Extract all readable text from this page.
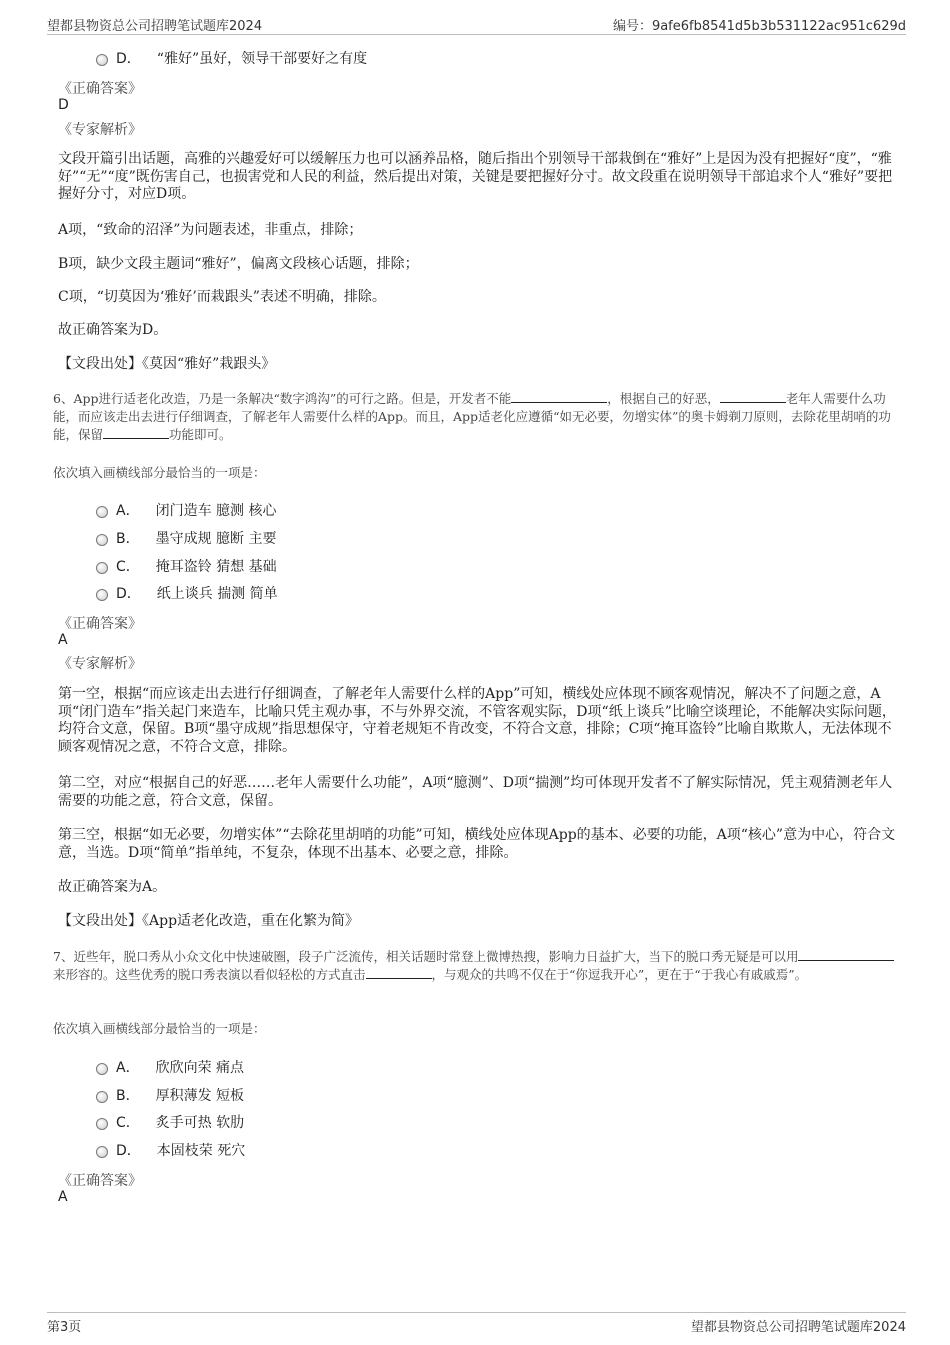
望都县物资总公司招聘笔试题库2024	编号：9afe6fb8541d5b3b531122ac951c629d
D． “雅好”虽好，领导干部要好之有度
《正确答案》
D
《专家解析》
文段开篇引出话题，高雅的兴趣爱好可以缓解压力也可以涵养品格，随后指出个别领导干部栽倒在“雅好”上是因为没有把握好“度”，“雅好”“无”“度”既伤害自己，也损害党和人民的利益，然后提出对策，关键是要把握好分寸。故文段重在说明领导干部追求个人“雅好”要把握好分寸，对应D项。
A项，“致命的沼泽”为问题表述，非重点，排除；
B项，缺少文段主题词“雅好”，偏离文段核心话题，排除；
C项，“切莫因为‘雅好’而栽跟头”表述不明确，排除。
故正确答案为D。
【文段出处】《莫因“雅好”栽跟头》
6、App进行适老化改造，乃是一条解决“数字鸿沟”的可行之路。但是，开发者不能	，根据自己的好恶，	老年人需要什么功能，而应该走出去进行仔细调查，了解老年人需要什么样的App。而且，App适老化应遵循“如无必要，勿增实体”的奥卡姆剃刀原则，去除花里胡哨的功能，保留	功能即可。
依次填入画横线部分最恰当的一项是：
A． 闭门造车 臆测 核心
B． 墨守成规 臆断 主要
C． 掩耳盗铃 猜想 基础
D． 纸上谈兵 揣测 简单
《正确答案》
A
《专家解析》
第一空，根据“而应该走出去进行仔细调查，了解老年人需要什么样的App”可知，横线处应体现不顾客观情况，解决不了问题之意，A项“闭门造车”指关起门来造车，比喻只凭主观办事，不与外界交流，不管客观实际，D项“纸上谈兵”比喻空谈理论，不能解决实际问题，均符合文意，保留。B项“墨守成规”指思想保守，守着老规矩不肯改变，不符合文意，排除；C项“掩耳盗铃”比喻自欺欺人，无法体现不顾客观情况之意，不符合文意，排除。
第二空，对应“根据自己的好恶……老年人需要什么功能”，A项“臆测”、D项“揣测”均可体现开发者不了解实际情况，凭主观猜测老年人需要的功能之意，符合文意，保留。
第三空，根据“如无必要，勿增实体”“去除花里胡哨的功能”可知，横线处应体现App的基本、必要的功能，A项“核心”意为中心，符合文意，当选。D项“简单”指单纯，不复杂，体现不出基本、必要之意，排除。
故正确答案为A。
【文段出处】《App适老化改造，重在化繁为简》
7、近些年，脱口秀从小众文化中快速破圈，段子广泛流传，相关话题时常登上微博热搜，影响力日益扩大，当下的脱口秀无疑是可以用来形容的。这些优秀的脱口秀表演以看似轻松的方式直击	，与观众的共鸣不仅在于“你逗我开心”，更在于“于我心有戚戚焉”。
依次填入画横线部分最恰当的一项是：
A． 欣欣向荣 痛点
B． 厚积薄发 短板
C． 炙手可热 软肋
D． 本固枝荣 死穴
《正确答案》
A
第3页	望都县物资总公司招聘笔试题库2024
